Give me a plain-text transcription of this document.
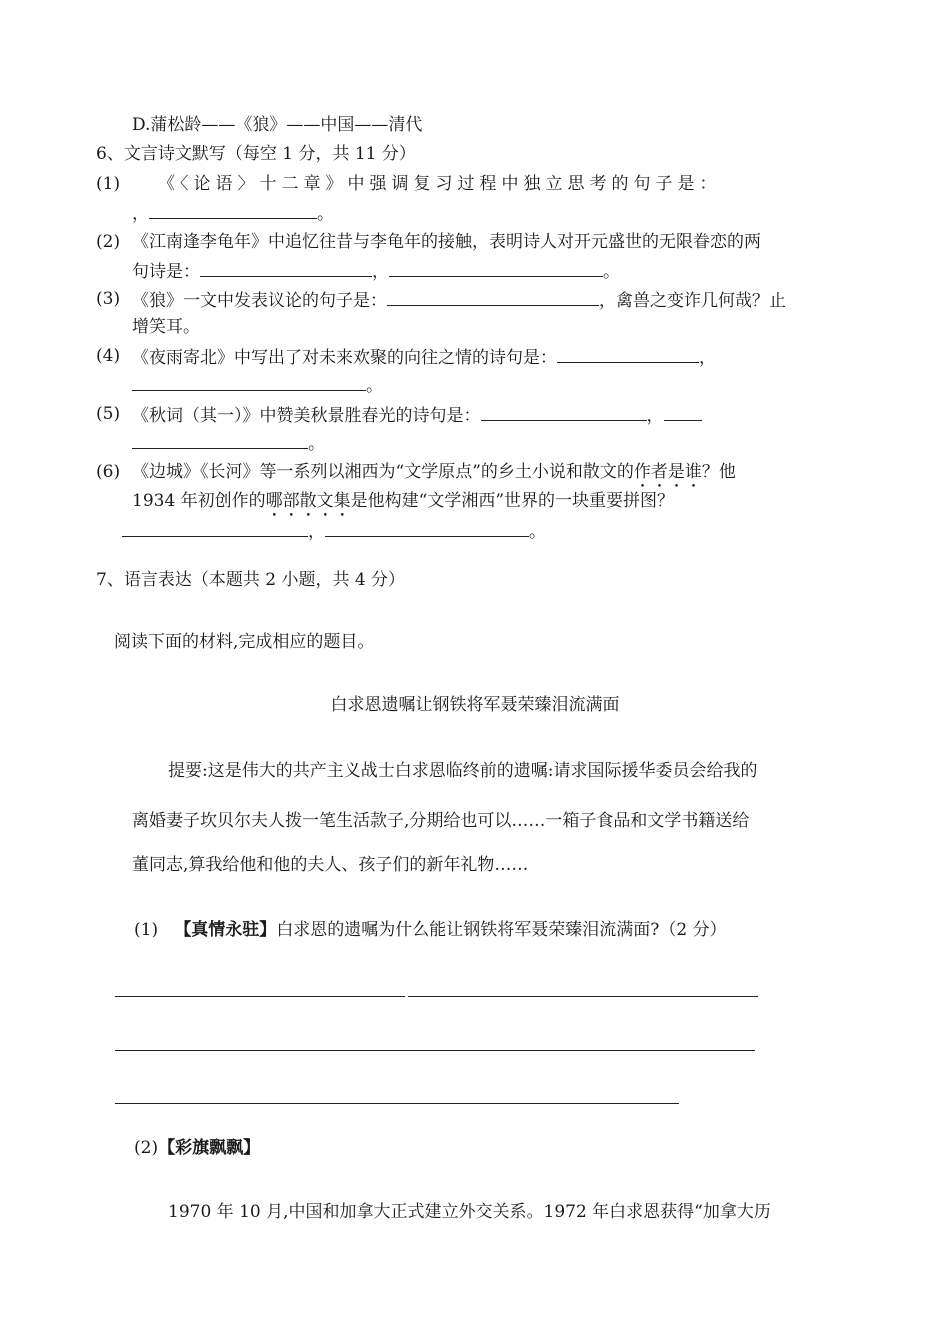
D.蒲松龄——《狼》——中国——清代
6、文言诗文默写（每空 1 分，共 11 分）
(1) 《〈论语〉十二章》中强调复习过程中独立思考的句子是：
，	。
(2) 《江南逢李龟年》中追忆往昔与李龟年的接触，表明诗人对开元盛世的无限眷恋的两
句诗是：	，	。
(3) 《狼》一文中发表议论的句子是：	，禽兽之变诈几何哉？止
增笑耳。
(4) 《夜雨寄北》中写出了对未来欢聚的向往之情的诗句是：	，
。
(5) 《秋词（其一）》中赞美秋景胜春光的诗句是：	，
。
(6) 《边城》《长河》等一系列以湘西为“文学原点”的乡土小说和散文的作者是谁？他
1934 年初创作的哪部散文集是他构建“文学湘西”世界的一块重要拼图？
，	。
7、语言表达（本题共 2 小题，共 4 分）
阅读下面的材料,完成相应的题目。
白求恩遗嘱让钢铁将军聂荣臻泪流满面
提要:这是伟大的共产主义战士白求恩临终前的遗嘱:请求国际援华委员会给我的
离婚妻子坎贝尔夫人拨一笔生活款子,分期给也可以……一箱子食品和文学书籍送给
董同志,算我给他和他的夫人、孩子们的新年礼物……
(1) 【真情永驻】白求恩的遗嘱为什么能让钢铁将军聂荣臻泪流满面?（2 分）
(2)【彩旗飘飘】
1970 年 10 月,中国和加拿大正式建立外交关系。1972 年白求恩获得“加拿大历
